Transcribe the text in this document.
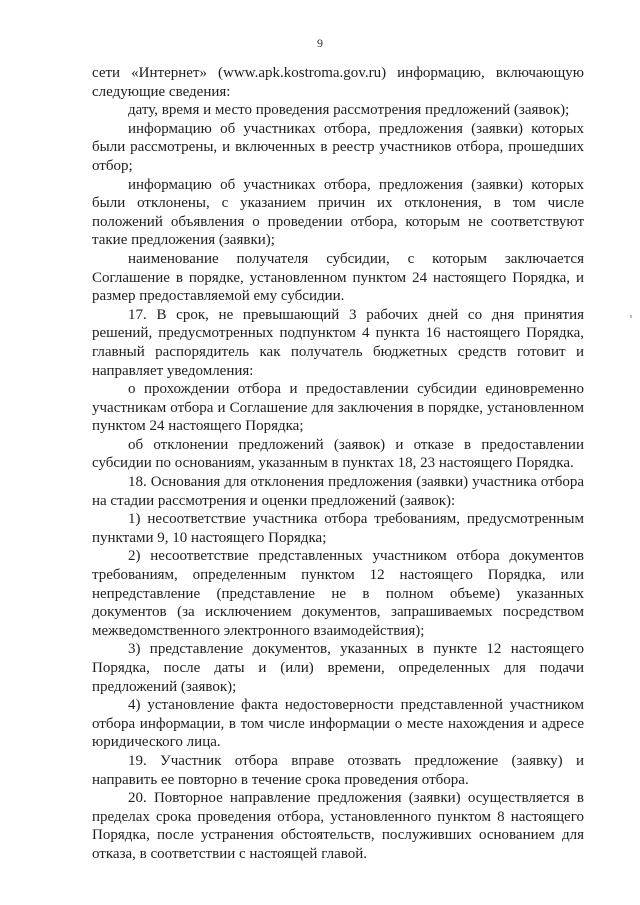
9

сети «Интернет» (www.apk.kostroma.gov.ru) информацию, включающую следующие сведения:

дату, время и место проведения рассмотрения предложений (заявок);

информацию об участниках отбора, предложения (заявки) которых были рассмотрены, и включенных в реестр участников отбора, прошедших отбор;

информацию об участниках отбора, предложения (заявки) которых были отклонены, с указанием причин их отклонения, в том числе положений объявления о проведении отбора, которым не соответствуют такие предложения (заявки);

наименование получателя субсидии, с которым заключается Соглашение в порядке, установленном пунктом 24 настоящего Порядка, и размер предоставляемой ему субсидии.

17. В срок, не превышающий 3 рабочих дней со дня принятия решений, предусмотренных подпунктом 4 пункта 16 настоящего Порядка, главный распорядитель как получатель бюджетных средств готовит и направляет уведомления:

о прохождении отбора и предоставлении субсидии единовременно участникам отбора и Соглашение для заключения в порядке, установленном пунктом 24 настоящего Порядка;

об отклонении предложений (заявок) и отказе в предоставлении субсидии по основаниям, указанным в пунктах 18, 23 настоящего Порядка.

18. Основания для отклонения предложения (заявки) участника отбора на стадии рассмотрения и оценки предложений (заявок):

1) несоответствие участника отбора требованиям, предусмотренным пунктами 9, 10 настоящего Порядка;

2) несоответствие представленных участником отбора документов требованиям, определенным пунктом 12 настоящего Порядка, или непредставление (представление не в полном объеме) указанных документов (за исключением документов, запрашиваемых посредством межведомственного электронного взаимодействия);

3) представление документов, указанных в пункте 12 настоящего Порядка, после даты и (или) времени, определенных для подачи предложений (заявок);

4) установление факта недостоверности представленной участником отбора информации, в том числе информации о месте нахождения и адресе юридического лица.

19. Участник отбора вправе отозвать предложение (заявку) и направить ее повторно в течение срока проведения отбора.

20. Повторное направление предложения (заявки) осуществляется в пределах срока проведения отбора, установленного пунктом 8 настоящего Порядка, после устранения обстоятельств, послуживших основанием для отказа, в соответствии с настоящей главой.
